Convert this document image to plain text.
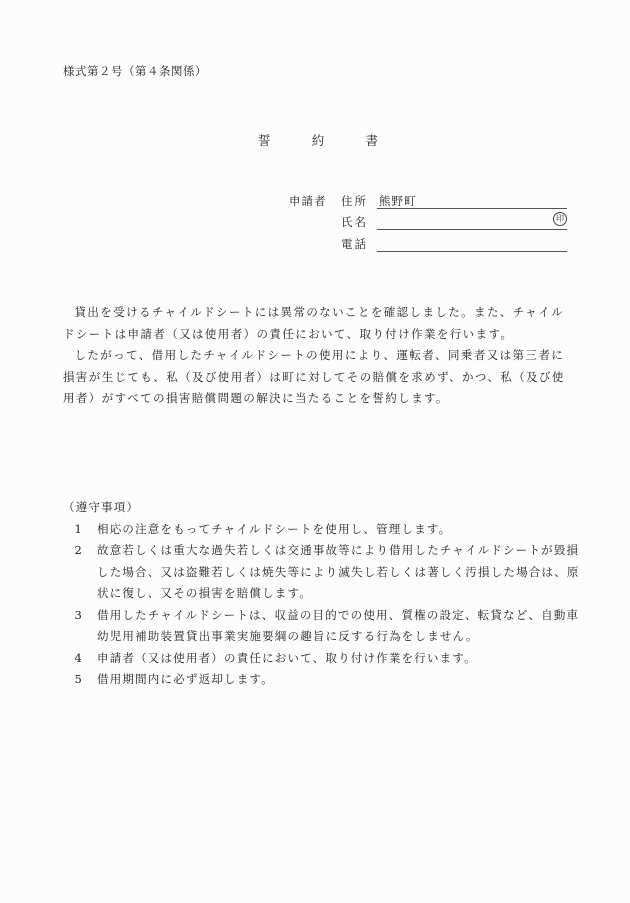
様式第２号（第４条関係）
誓	約	書
申請者 住所 熊野町
氏名	印
電話

貸出を受けるチャイルドシートには異常のないことを確認しました。また、チャイルドシートは申請者（又は使用者）の責任において、取り付け作業を行います。

したがって、借用したチャイルドシートの使用により、運転者、同乗者又は第三者に損害が生じても、私（及び使用者）は町に対してその賠償を求めず、かつ、私（及び使用者）がすべての損害賠償問題の解決に当たることを誓約します。

（遵守事項）

1	相応の注意をもってチャイルドシートを使用し、管理します。
2	故意若しくは重大な過失若しくは交通事故等により借用したチャイルドシートが毀損した場合、又は盗難若しくは焼失等により滅失し若しくは著しく汚損した場合は、原状に復し、又その損害を賠償します。
3	借用したチャイルドシートは、収益の目的での使用、質権の設定、転貸など、自動車幼児用補助装置貸出事業実施要綱の趣旨に反する行為をしません。
4	申請者（又は使用者）の責任において、取り付け作業を行います。
5	借用期間内に必ず返却します。
